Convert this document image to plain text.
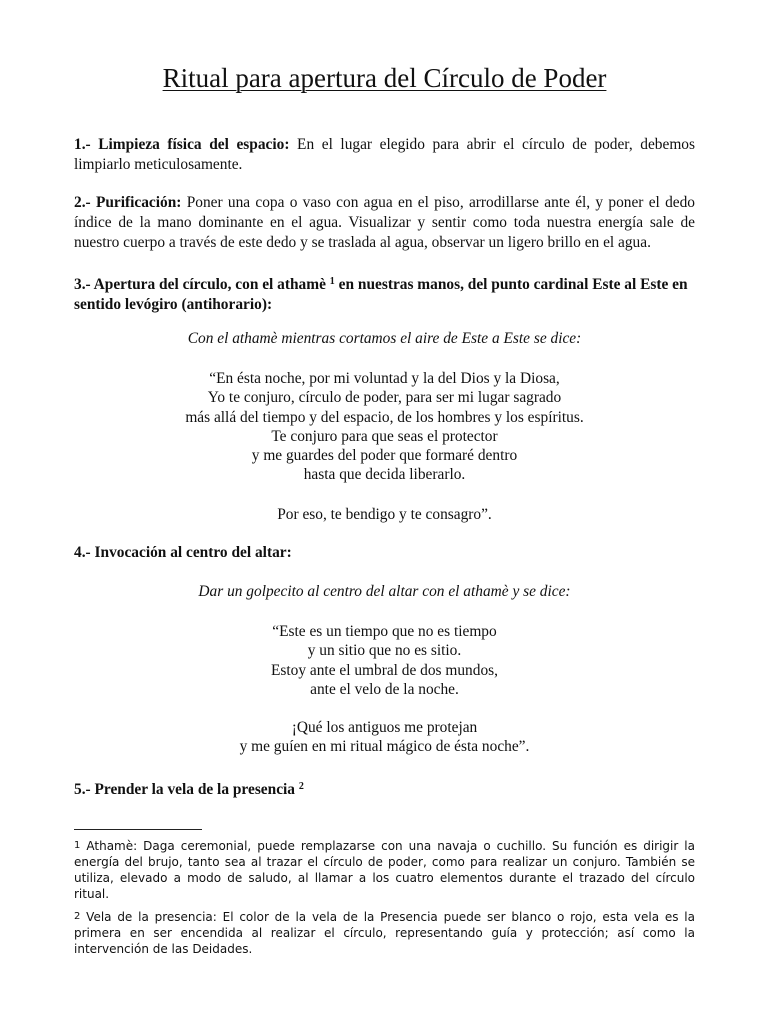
Ritual para apertura del Círculo de Poder
1.- Limpieza física del espacio: En el lugar elegido para abrir el círculo de poder, debemos limpiarlo meticulosamente.
2.- Purificación: Poner una copa o vaso con agua en el piso, arrodillarse ante él, y poner el dedo índice de la mano dominante en el agua. Visualizar y sentir como toda nuestra energía sale de nuestro cuerpo a través de este dedo y se traslada al agua, observar un ligero brillo en el agua.
3.- Apertura del círculo, con el athamè $^1$ en nuestras manos, del punto cardinal Este al Este en sentido levógiro (antihorario):
Con el athamè mientras cortamos el aire de Este a Este se dice:
“En ésta noche, por mi voluntad y la del Dios y la Diosa,
Yo te conjuro, círculo de poder, para ser mi lugar sagrado
más allá del tiempo y del espacio, de los hombres y los espíritus.
Te conjuro para que seas el protector
y me guardes del poder que formaré dentro
hasta que decida liberarlo.
Por eso, te bendigo y te consagro”.
4.- Invocación al centro del altar:
Dar un golpecito al centro del altar con el athamè y se dice:
“Este es un tiempo que no es tiempo
y un sitio que no es sitio.
Estoy ante el umbral de dos mundos,
ante el velo de la noche.
¡Qué los antiguos me protejan
y me guíen en mi ritual mágico de ésta noche”.
5.- Prender la vela de la presencia $^2$
1 Athamè: Daga ceremonial, puede remplazarse con una navaja o cuchillo. Su función es dirigir la energía del brujo, tanto sea al trazar el círculo de poder, como para realizar un conjuro. También se utiliza, elevado a modo de saludo, al llamar a los cuatro elementos durante el trazado del círculo ritual.
2 Vela de la presencia: El color de la vela de la Presencia puede ser blanco o rojo, esta vela es la primera en ser encendida al realizar el círculo, representando guía y protección; así como la intervención de las Deidades.
